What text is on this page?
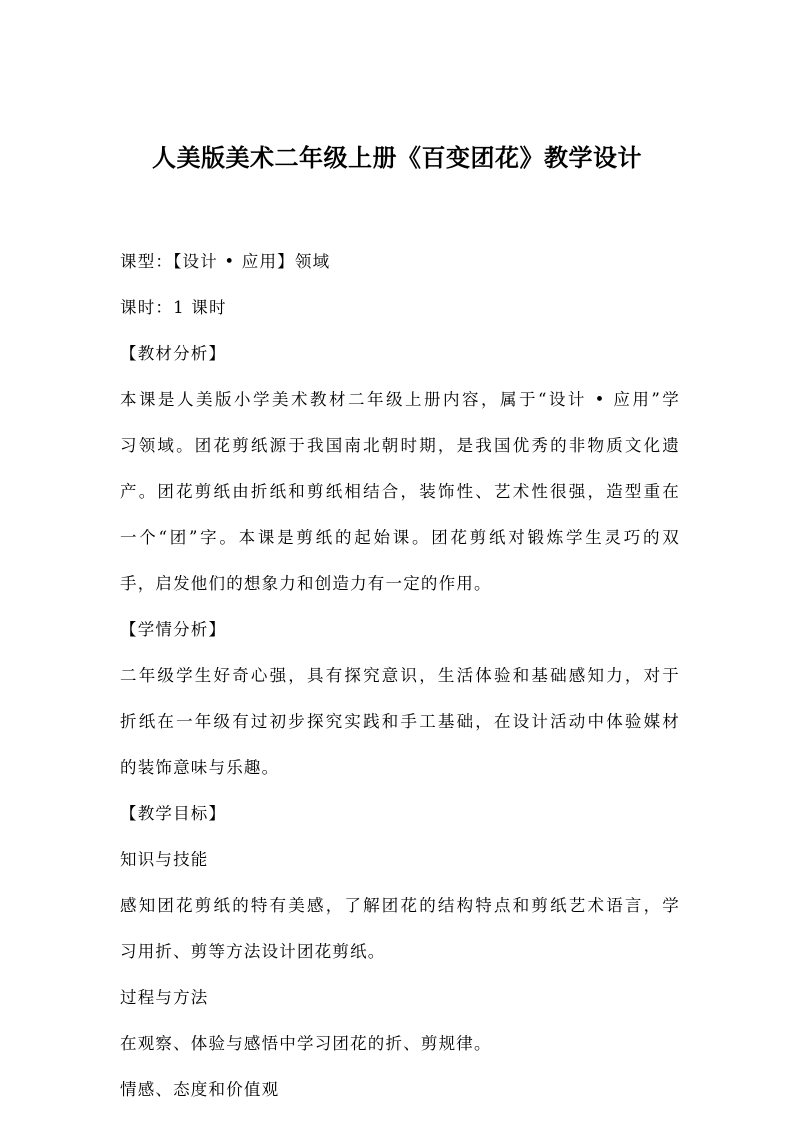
人美版美术二年级上册《百变团花》教学设计
课型：【设计 • 应用】领域
课时：1 课时
【教材分析】
本课是人美版小学美术教材二年级上册内容，属于“设计 • 应用”学
习领域。团花剪纸源于我国南北朝时期，是我国优秀的非物质文化遗
产。团花剪纸由折纸和剪纸相结合，装饰性、艺术性很强，造型重在
一个“团”字。本课是剪纸的起始课。团花剪纸对锻炼学生灵巧的双
手，启发他们的想象力和创造力有一定的作用。
【学情分析】
二年级学生好奇心强，具有探究意识，生活体验和基础感知力，对于
折纸在一年级有过初步探究实践和手工基础，在设计活动中体验媒材
的装饰意味与乐趣。
【教学目标】
知识与技能
感知团花剪纸的特有美感，了解团花的结构特点和剪纸艺术语言，学
习用折、剪等方法设计团花剪纸。
过程与方法
在观察、体验与感悟中学习团花的折、剪规律。
情感、态度和价值观
